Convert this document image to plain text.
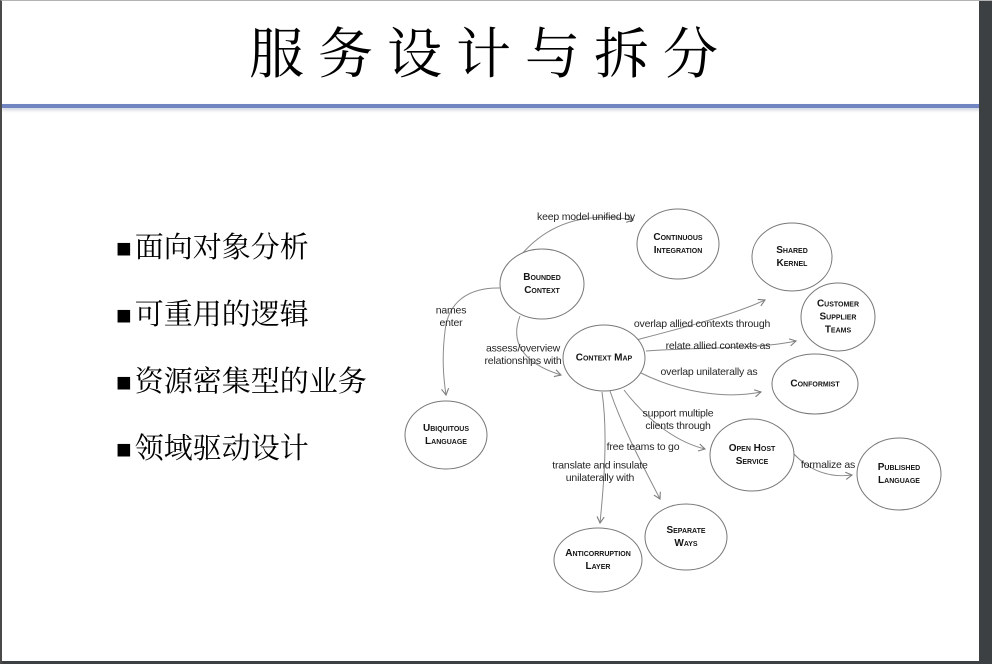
服务设计与拆分
■ 面向对象分析
■ 可重用的逻辑
■ 资源密集型的业务
■ 领域驱动设计
keep model unified by
names enter
assess/overview relationships with
overlap allied contexts through
relate allied contexts as
overlap unilaterally as
support multiple clients through
free teams to go
translate and insulate unilaterally with
formalize as
Bounded Context
Continuous Integration	Shared Kernel
Customer Supplier Teams
Conformist
Context Map
Ubiquitous Language
Open Host Service
Published Language
Separate Ways
Anticorruption Layer
